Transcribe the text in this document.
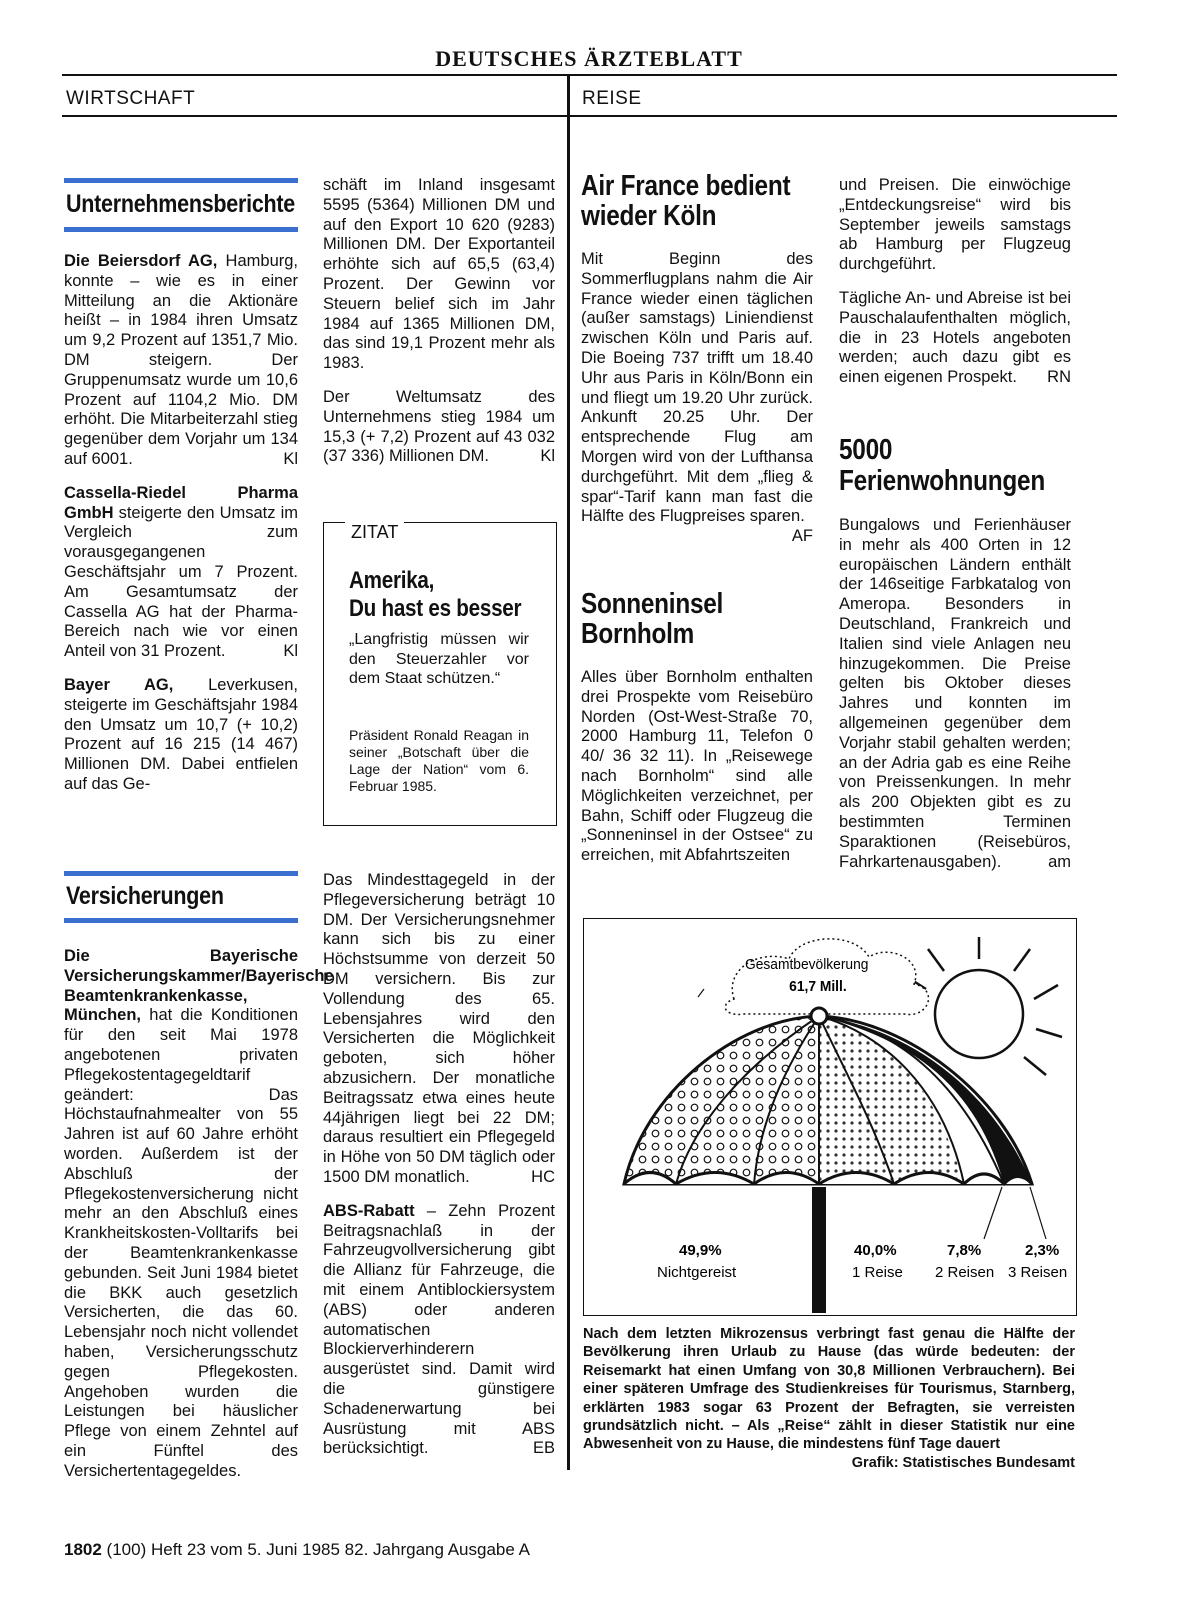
DEUTSCHES ÄRZTEBLATT
WIRTSCHAFT	REISE
Unternehmensberichte

Die Beiersdorf AG, Hamburg, konnte – wie es in einer Mitteilung an die Aktionäre heißt – in 1984 ihren Umsatz um 9,2 Prozent auf 1351,7 Mio. DM steigern. Der Gruppenumsatz wurde um 10,6 Prozent auf 1104,2 Mio. DM erhöht. Die Mitarbeiterzahl stieg gegenüber dem Vorjahr um 134 auf 6001.	Kl

Cassella-Riedel Pharma GmbH steigerte den Umsatz im Vergleich zum vorausgegangenen Geschäftsjahr um 7 Prozent. Am Gesamtumsatz der Cassella AG hat der Pharma-Bereich nach wie vor einen Anteil von 31 Prozent.	Kl

Bayer AG, Leverkusen, steigerte im Geschäftsjahr 1984 den Umsatz um 10,7 (+ 10,2) Prozent auf 16 215 (14 467) Millionen DM. Dabei entfielen auf das Ge-

schäft im Inland insgesamt 5595 (5364) Millionen DM und auf den Export 10 620 (9283) Millionen DM. Der Exportanteil erhöhte sich auf 65,5 (63,4) Prozent. Der Gewinn vor Steuern belief sich im Jahr 1984 auf 1365 Millionen DM, das sind 19,1 Prozent mehr als 1983.

Der Weltumsatz des Unternehmens stieg 1984 um 15,3 (+ 7,2) Prozent auf 43 032 (37 336) Millionen DM.	Kl

ZITAT
Amerika,
Du hast es besser
„Langfristig müssen wir den Steuerzahler vor dem Staat schützen.“
Präsident Ronald Reagan in seiner „Botschaft über die Lage der Nation“ vom 6. Februar 1985.
Versicherungen

Die Bayerische Versicherungskammer/Bayerische Beamtenkrankenkasse, München, hat die Konditionen für den seit Mai 1978 angebotenen privaten Pflegekostentagegeldtarif geändert: Das Höchstaufnahmealter von 55 Jahren ist auf 60 Jahre erhöht worden. Außerdem ist der Abschluß der Pflegekostenversicherung nicht mehr an den Abschluß eines Krankheitskosten-Volltarifs bei der Beamtenkrankenkasse gebunden. Seit Juni 1984 bietet die BKK auch gesetzlich Versicherten, die das 60. Lebensjahr noch nicht vollendet haben, Versicherungsschutz gegen Pflegekosten. Angehoben wurden die Leistungen bei häuslicher Pflege von einem Zehntel auf ein Fünftel des Versichertentagegeldes.

Das Mindesttagegeld in der Pflegeversicherung beträgt 10 DM. Der Versicherungsnehmer kann sich bis zu einer Höchstsumme von derzeit 50 DM versichern. Bis zur Vollendung des 65. Lebensjahres wird den Versicherten die Möglichkeit geboten, sich höher abzusichern. Der monatliche Beitragssatz etwa eines heute 44jährigen liegt bei 22 DM; daraus resultiert ein Pflegegeld in Höhe von 50 DM täglich oder 1500 DM monatlich.	HC

ABS-Rabatt – Zehn Prozent Beitragsnachlaß in der Fahrzeugvollversicherung gibt die Allianz für Fahrzeuge, die mit einem Antiblockiersystem (ABS) oder anderen automatischen Blockierverhinderern ausgerüstet sind. Damit wird die günstigere Schadenerwartung bei Ausrüstung mit ABS berücksichtigt.	EB

Air France bedient
wieder Köln

Mit Beginn des Sommerflugplans nahm die Air France wieder einen täglichen (außer samstags) Liniendienst zwischen Köln und Paris auf. Die Boeing 737 trifft um 18.40 Uhr aus Paris in Köln/Bonn ein und fliegt um 19.20 Uhr zurück. Ankunft 20.25 Uhr. Der entsprechende Flug am Morgen wird von der Lufthansa durchgeführt. Mit dem „flieg & spar“-Tarif kann man fast die Hälfte des Flugpreises sparen.
AF

Sonneninsel
Bornholm
Alles über Bornholm enthalten drei Prospekte vom Reisebüro Norden (Ost-West-Straße 70, 2000 Hamburg 11, Telefon 0 40/ 36 32 11). In „Reisewege nach Bornholm“ sind alle Möglichkeiten verzeichnet, per Bahn, Schiff oder Flugzeug die „Sonneninsel in der Ostsee“ zu erreichen, mit Abfahrtszeiten

und Preisen. Die einwöchige „Entdeckungsreise“ wird bis September jeweils samstags ab Hamburg per Flugzeug durchgeführt.

Tägliche An- und Abreise ist bei Pauschalaufenthalten möglich, die in 23 Hotels angeboten werden; auch dazu gibt es einen eigenen Prospekt. RN

5000
Ferienwohnungen

Bungalows und Ferienhäuser in mehr als 400 Orten in 12 europäischen Ländern enthält der 146seitige Farbkatalog von Ameropa. Besonders in Deutschland, Frankreich und Italien sind viele Anlagen neu hinzugekommen. Die Preise gelten bis Oktober dieses Jahres und konnten im allgemeinen gegenüber dem Vorjahr stabil gehalten werden; an der Adria gab es eine Reihe von Preissenkungen. In mehr als 200 Objekten gibt es zu bestimmten Terminen Sparaktionen (Reisebüros, Fahrkartenausgaben).	am

Gesamtbevölkerung
61,7 Mill.
49,9%
Nichtgereist
40,0%
1 Reise
7,8%
2 Reisen
2,3%
3 Reisen
Nach dem letzten Mikrozensus verbringt fast genau die Hälfte der Bevölkerung ihren Urlaub zu Hause (das würde bedeuten: der Reisemarkt hat einen Umfang von 30,8 Millionen Verbrauchern). Bei einer späteren Umfrage des Studienkreises für Tourismus, Starnberg, erklärten 1983 sogar 63 Prozent der Befragten, sie verreisten grundsätzlich nicht. – Als „Reise“ zählt in dieser Statistik nur eine Abwesenheit von zu Hause, die mindestens fünf Tage dauert
Grafik: Statistisches Bundesamt
1802 (100) Heft 23 vom 5. Juni 1985 82. Jahrgang Ausgabe A
